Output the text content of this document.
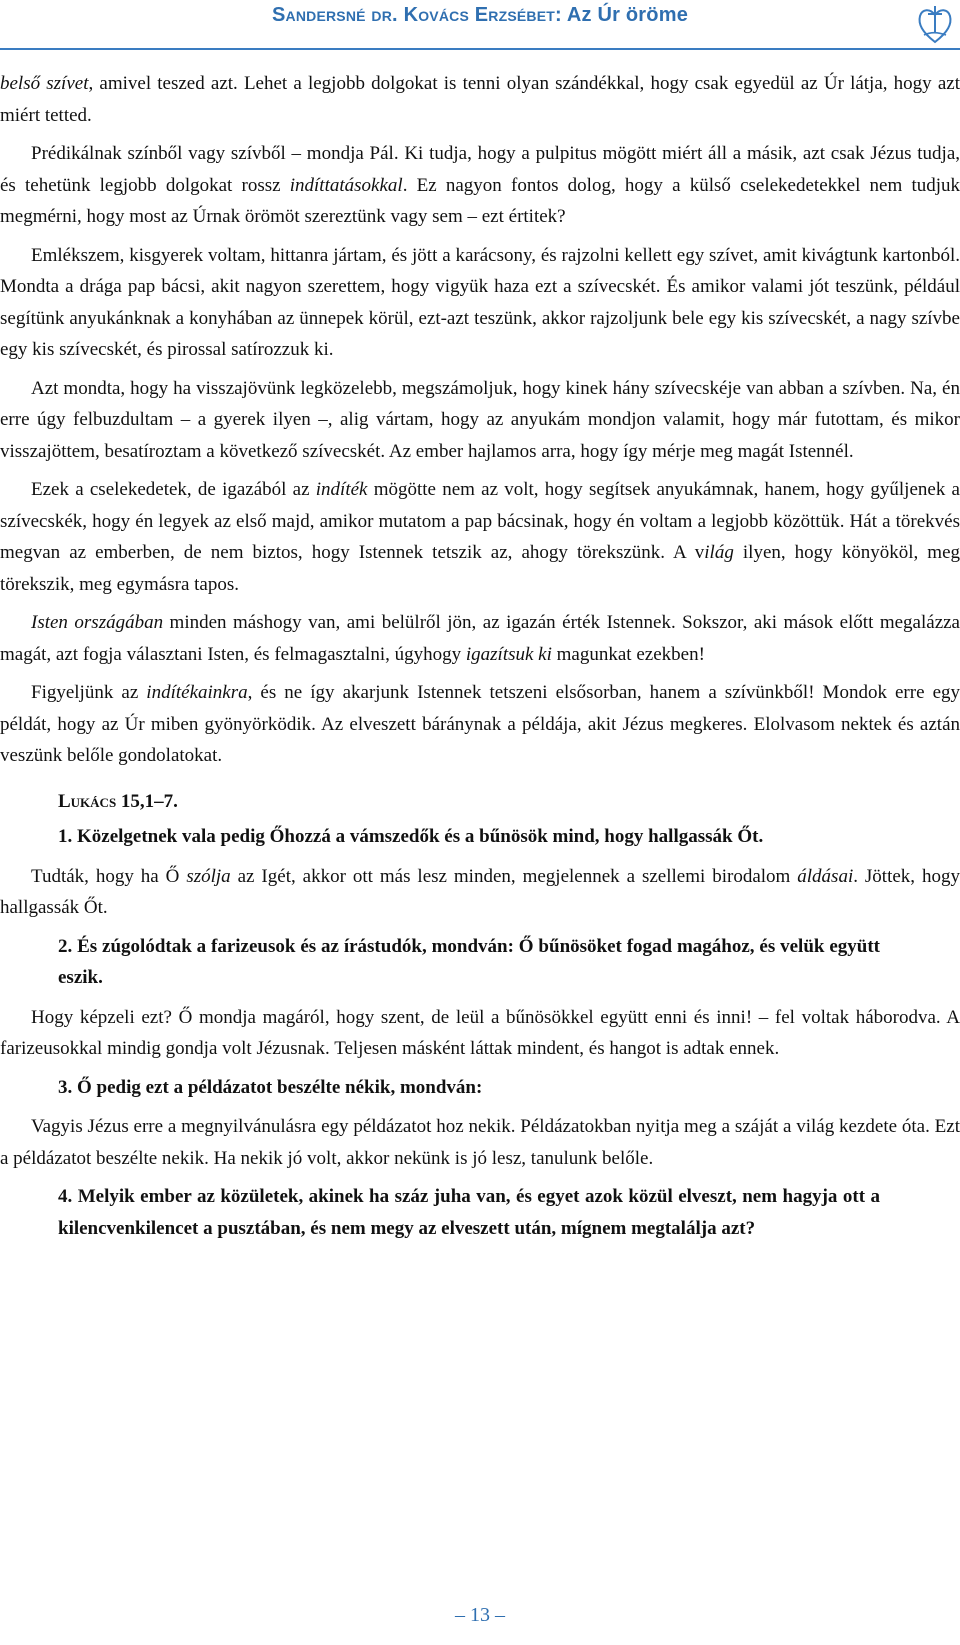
Sandersné dr. Kovács Erzsébet: Az Úr öröme

belső szívet, amivel teszed azt. Lehet a legjobb dolgokat is tenni olyan szándékkal, hogy csak egyedül az Úr látja, hogy azt miért tetted.

Prédikálnak színből vagy szívből – mondja Pál. Ki tudja, hogy a pulpitus mögött miért áll a másik, azt csak Jézus tudja, és tehetünk legjobb dolgokat rossz indíttatásokkal. Ez nagyon fontos dolog, hogy a külső cselekedetekkel nem tudjuk megmérni, hogy most az Úrnak örömöt szereztünk vagy sem – ezt értitek?

Emlékszem, kisgyerek voltam, hittanra jártam, és jött a karácsony, és rajzolni kellett egy szívet, amit kivágtunk kartonból. Mondta a drága pap bácsi, akit nagyon szerettem, hogy vigyük haza ezt a szívecskét. És amikor valami jót teszünk, például segítünk anyukánknak a konyhában az ünnepek körül, ezt-azt teszünk, akkor rajzoljunk bele egy kis szívecskét, a nagy szívbe egy kis szívecskét, és pirossal satírozzuk ki.

Azt mondta, hogy ha visszajövünk legközelebb, megszámoljuk, hogy kinek hány szívecskéje van abban a szívben. Na, én erre úgy felbuzdultam – a gyerek ilyen –, alig vártam, hogy az anyukám mondjon valamit, hogy már futottam, és mikor visszajöttem, besatíroztam a következő szívecskét. Az ember hajlamos arra, hogy így mérje meg magát Istennél.

Ezek a cselekedetek, de igazából az indíték mögötte nem az volt, hogy segítsek anyukámnak, hanem, hogy gyűljenek a szívecskék, hogy én legyek az első majd, amikor mutatom a pap bácsinak, hogy én voltam a legjobb közöttük. Hát a törekvés megvan az emberben, de nem biztos, hogy Istennek tetszik az, ahogy törekszünk. A világ ilyen, hogy könyököl, meg törekszik, meg egymásra tapos.

Isten országában minden máshogy van, ami belülről jön, az igazán érték Istennek. Sokszor, aki mások előtt megalázza magát, azt fogja választani Isten, és felmagasztalni, úgyhogy igazítsuk ki magunkat ezekben!

Figyeljünk az indítékainkra, és ne így akarjunk Istennek tetszeni elsősorban, hanem a szívünkből! Mondok erre egy példát, hogy az Úr miben gyönyörködik. Az elveszett báránynak a példája, akit Jézus megkeres. Elolvasom nektek és aztán veszünk belőle gondolatokat.

Lukács 15,1–7.
1. Közelgetnek vala pedig Őhozzá a vámszedők és a bűnösök mind, hogy hallgassák Őt.

Tudták, hogy ha Ő szólja az Igét, akkor ott más lesz minden, megjelennek a szellemi birodalom áldásai. Jöttek, hogy hallgassák Őt.

2. És zúgolódtak a farizeusok és az írástudók, mondván: Ő bűnösöket fogad magához, és velük együtt eszik.

Hogy képzeli ezt? Ő mondja magáról, hogy szent, de leül a bűnösökkel együtt enni és inni! – fel voltak háborodva. A farizeusokkal mindig gondja volt Jézusnak. Teljesen másként láttak mindent, és hangot is adtak ennek.

3. Ő pedig ezt a példázatot beszélte nékik, mondván:

Vagyis Jézus erre a megnyilvánulásra egy példázatot hoz nekik. Példázatokban nyitja meg a száját a világ kezdete óta. Ezt a példázatot beszélte nekik. Ha nekik jó volt, akkor nekünk is jó lesz, tanulunk belőle.

4. Melyik ember az közületek, akinek ha száz juha van, és egyet azok közül elveszt, nem hagyja ott a kilencvenkilencet a pusztában, és nem megy az elveszett után, mígnem megtalálja azt?
– 13 –
